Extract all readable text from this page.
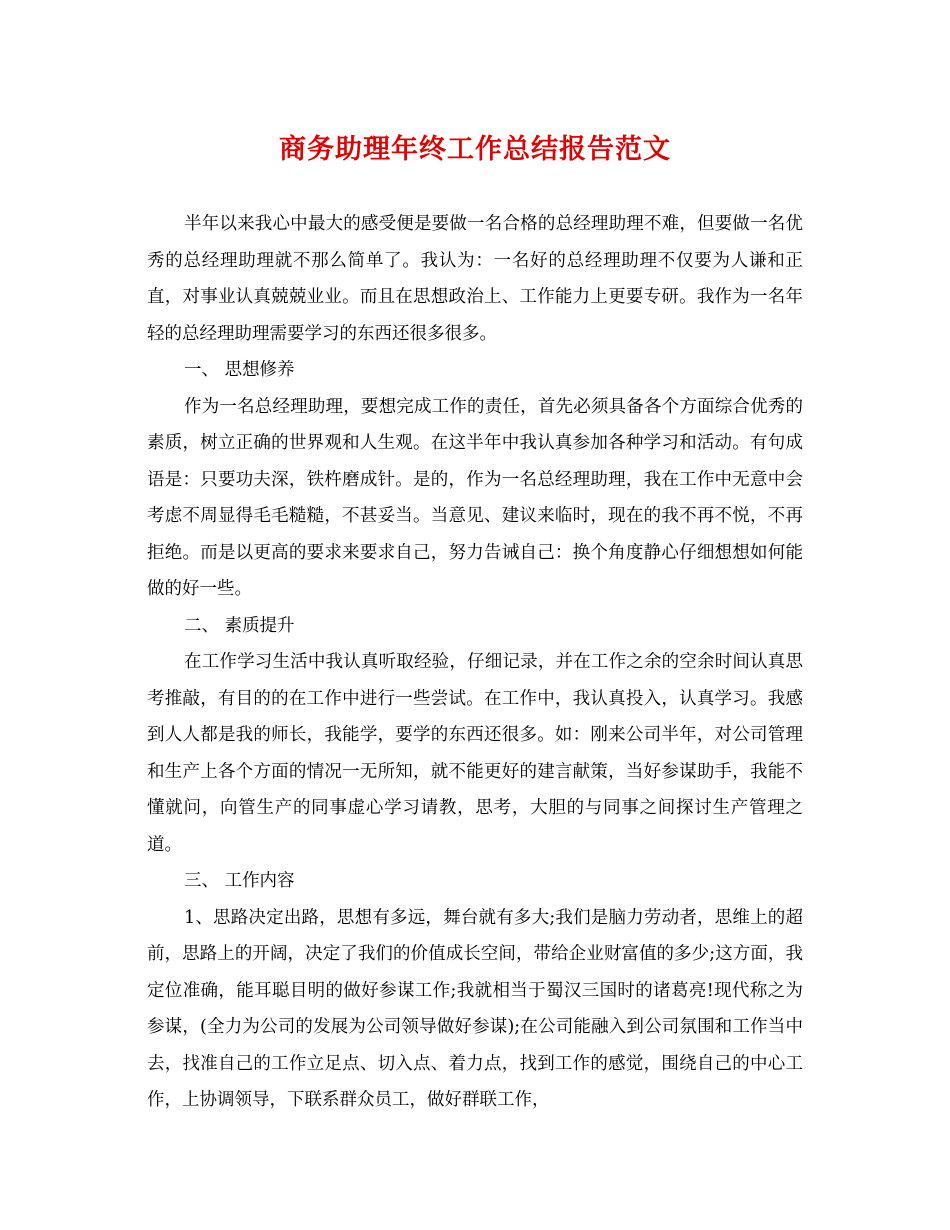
商务助理年终工作总结报告范文

半年以来我心中最大的感受便是要做一名合格的总经理助理不难，但要做一名优秀的总经理助理就不那么简单了。我认为：一名好的总经理助理不仅要为人谦和正直，对事业认真兢兢业业。而且在思想政治上、工作能力上更要专研。我作为一名年轻的总经理助理需要学习的东西还很多很多。

一、 思想修养

作为一名总经理助理，要想完成工作的责任，首先必须具备各个方面综合优秀的素质，树立正确的世界观和人生观。在这半年中我认真参加各种学习和活动。有句成语是：只要功夫深，铁杵磨成针。是的，作为一名总经理助理，我在工作中无意中会考虑不周显得毛毛糙糙，不甚妥当。当意见、建议来临时，现在的我不再不悦，不再拒绝。而是以更高的要求来要求自己，努力告诫自己：换个角度静心仔细想想如何能做的好一些。

二、 素质提升

在工作学习生活中我认真听取经验，仔细记录，并在工作之余的空余时间认真思考推敲，有目的的在工作中进行一些尝试。在工作中，我认真投入，认真学习。我感到人人都是我的师长，我能学，要学的东西还很多。如：刚来公司半年，对公司管理和生产上各个方面的情况一无所知，就不能更好的建言献策，当好参谋助手，我能不懂就问，向管生产的同事虚心学习请教，思考，大胆的与同事之间探讨生产管理之道。

三、 工作内容

1、思路决定出路，思想有多远，舞台就有多大;我们是脑力劳动者，思维上的超前，思路上的开阔，决定了我们的价值成长空间，带给企业财富值的多少;这方面，我定位准确，能耳聪目明的做好参谋工作;我就相当于蜀汉三国时的诸葛亮!现代称之为参谋，(全力为公司的发展为公司领导做好参谋);在公司能融入到公司氛围和工作当中去，找准自己的工作立足点、切入点、着力点，找到工作的感觉，围绕自己的中心工作，上协调领导，下联系群众员工，做好群联工作，
